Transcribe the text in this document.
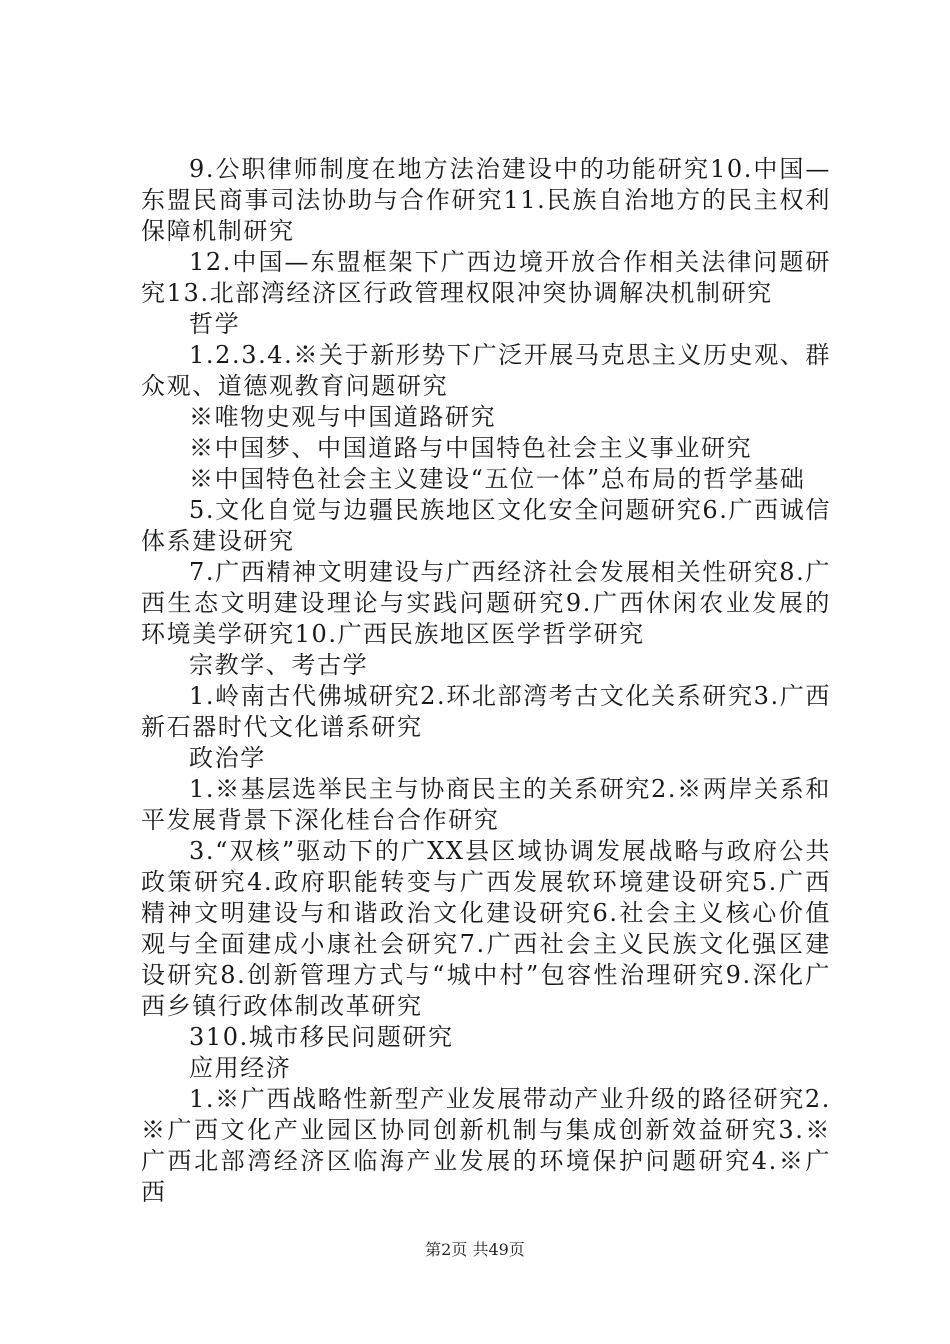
9.公职律师制度在地方法治建设中的功能研究10.中国—东盟民商事司法协助与合作研究11.民族自治地方的民主权利保障机制研究

12.中国—东盟框架下广西边境开放合作相关法律问题研究13.北部湾经济区行政管理权限冲突协调解决机制研究

哲学

1.2.3.4.※关于新形势下广泛开展马克思主义历史观、群众观、道德观教育问题研究

※唯物史观与中国道路研究

※中国梦、中国道路与中国特色社会主义事业研究

※中国特色社会主义建设“五位一体”总布局的哲学基础

5.文化自觉与边疆民族地区文化安全问题研究6.广西诚信体系建设研究

7.广西精神文明建设与广西经济社会发展相关性研究8.广西生态文明建设理论与实践问题研究9.广西休闲农业发展的环境美学研究10.广西民族地区医学哲学研究

宗教学、考古学

1.岭南古代佛城研究2.环北部湾考古文化关系研究3.广西新石器时代文化谱系研究

政治学

1.※基层选举民主与协商民主的关系研究2.※两岸关系和平发展背景下深化桂台合作研究

3.“双核”驱动下的广XX县区域协调发展战略与政府公共政策研究4.政府职能转变与广西发展软环境建设研究5.广西精神文明建设与和谐政治文化建设研究6.社会主义核心价值观与全面建成小康社会研究7.广西社会主义民族文化强区建设研究8.创新管理方式与“城中村”包容性治理研究9.深化广西乡镇行政体制改革研究

310.城市移民问题研究

应用经济

1.※广西战略性新型产业发展带动产业升级的路径研究2.※广西文化产业园区协同创新机制与集成创新效益研究3.※广西北部湾经济区临海产业发展的环境保护问题研究4.※广西

第2页 共49页
